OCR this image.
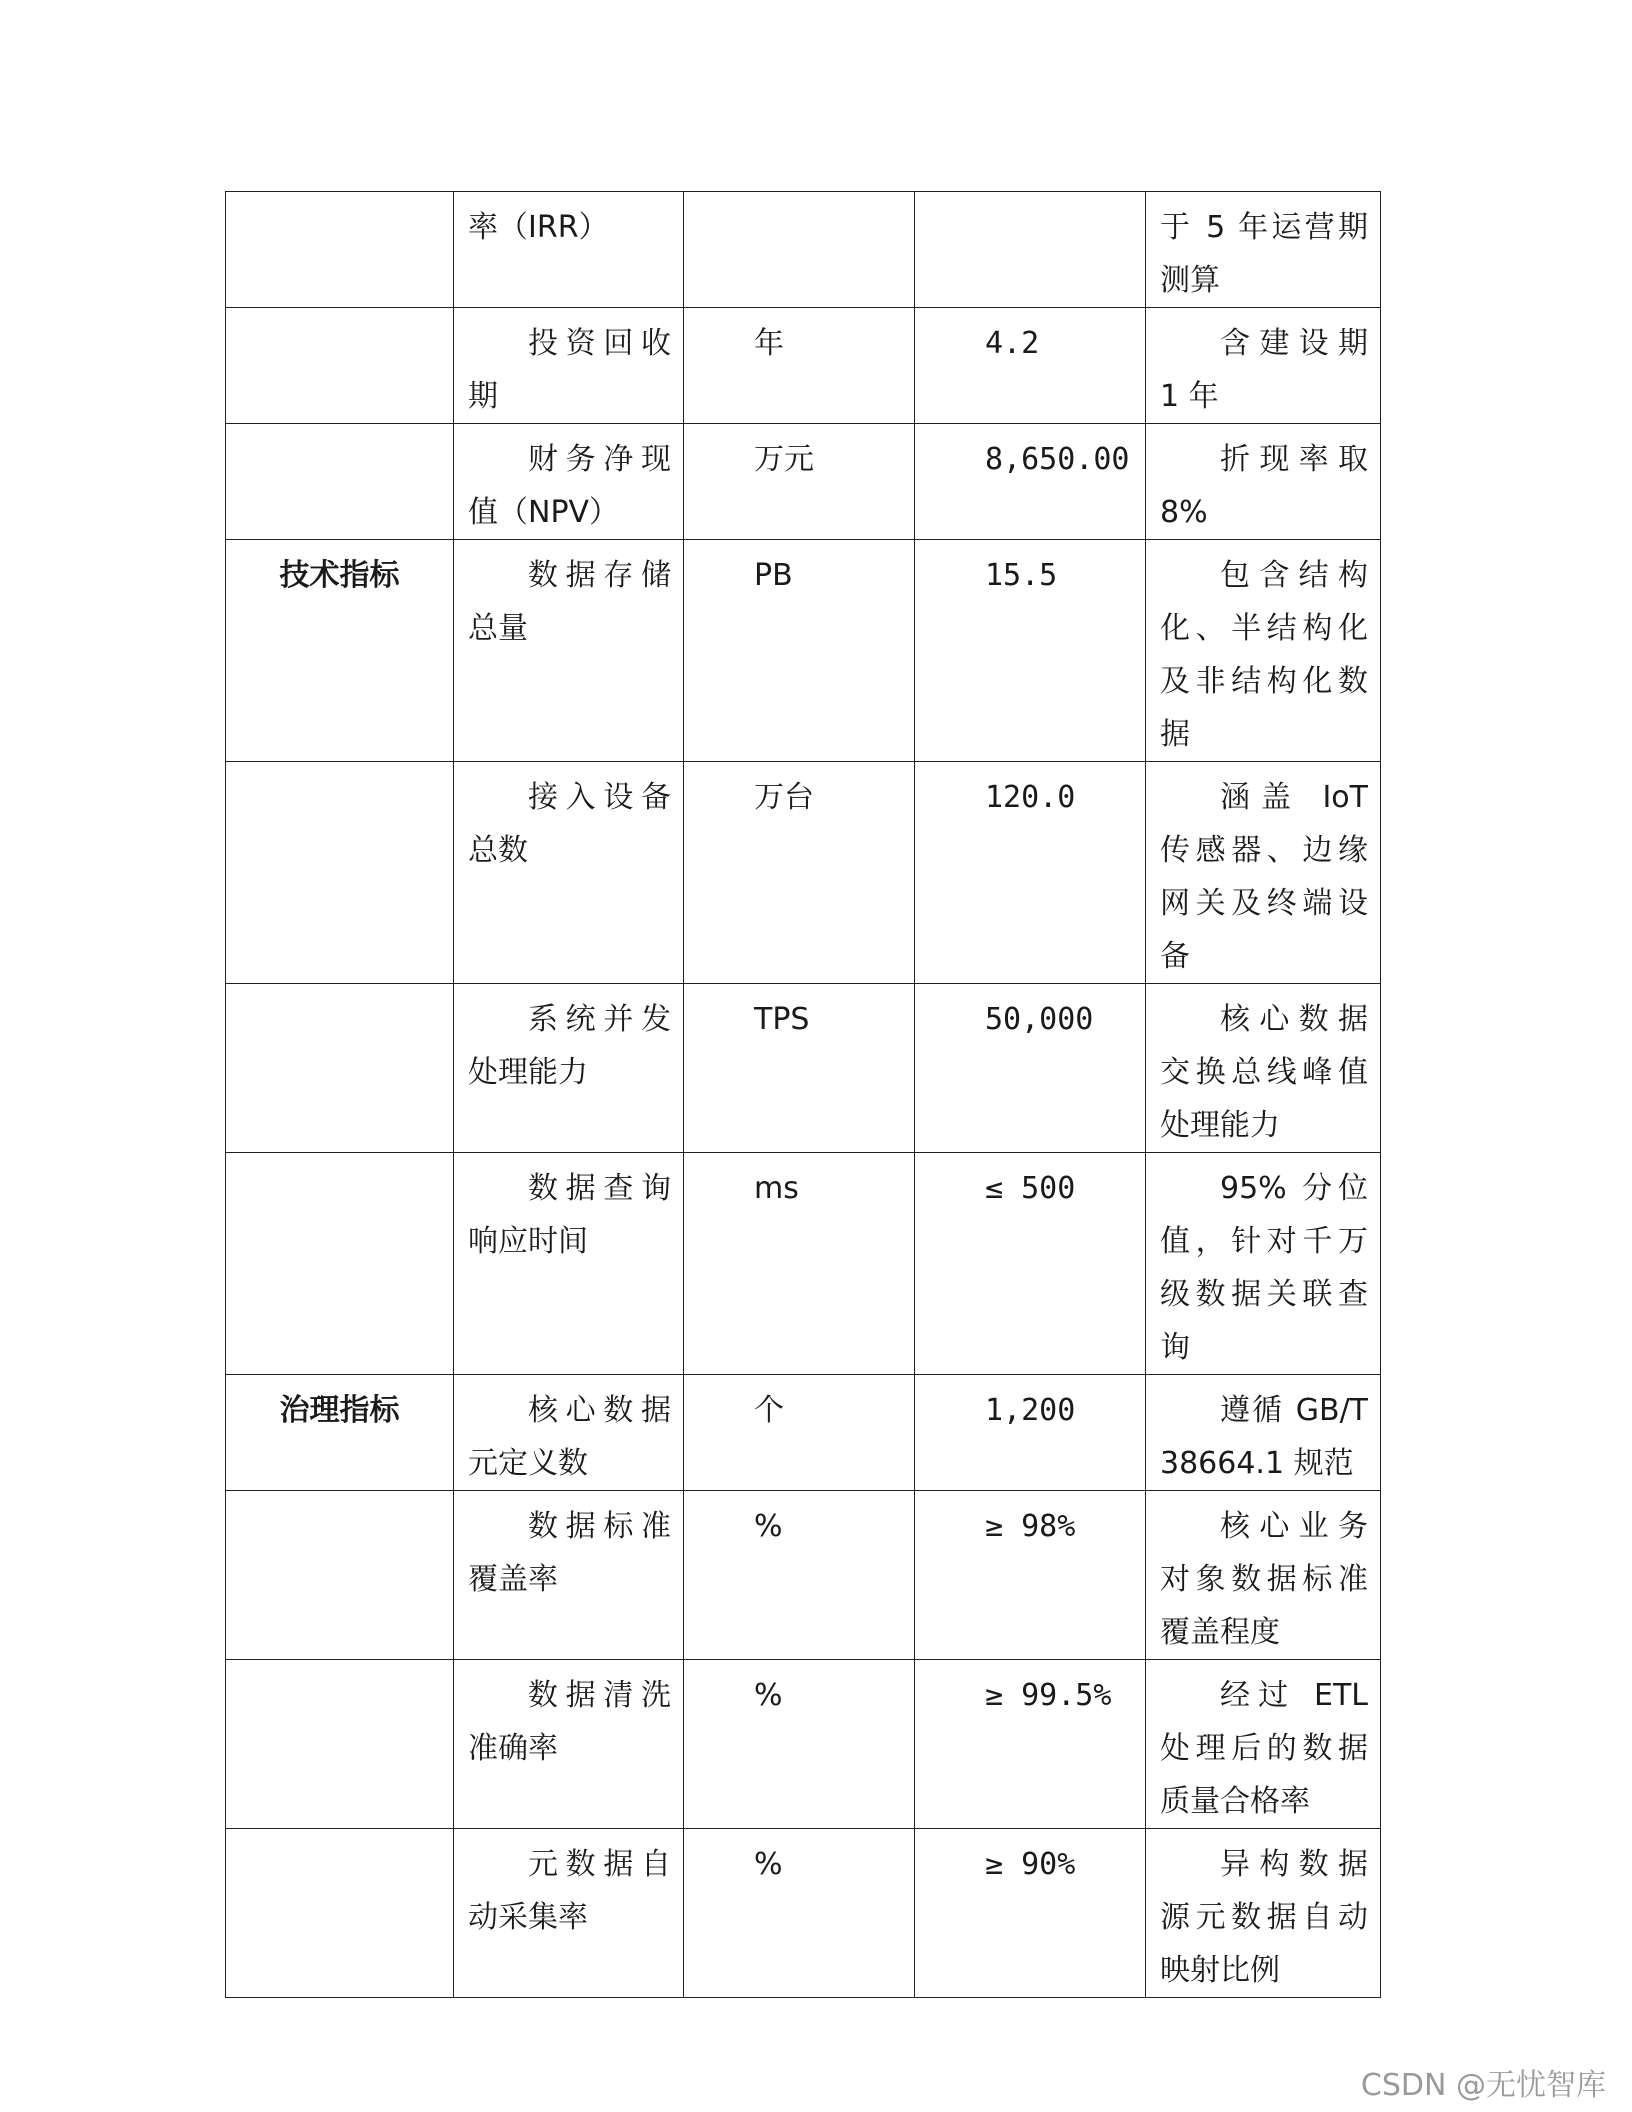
	率（IRR）			于 5 年运营期测算
	投资回收期	年	4.2	含建设期 1 年
	财务净现值（NPV）	万元	8,650.00	折现率取 8%
技术指标	数据存储总量	PB	15.5	包含结构化、半结构化及非结构化数据
	接入设备总数	万台	120.0	涵盖 IoT 传感器、边缘网关及终端设备
	系统并发处理能力	TPS	50,000	核心数据交换总线峰值处理能力
	数据查询响应时间	ms	≤ 500	95% 分位值，针对千万级数据关联查询
治理指标	核心数据元定义数	个	1,200	遵循 GB/T 38664.1 规范
	数据标准覆盖率	%	≥ 98%	核心业务对象数据标准覆盖程度
	数据清洗准确率	%	≥ 99.5%	经过 ETL 处理后的数据质量合格率
	元数据自动采集率	%	≥ 90%	异构数据源元数据自动映射比例
CSDN @无忧智库
